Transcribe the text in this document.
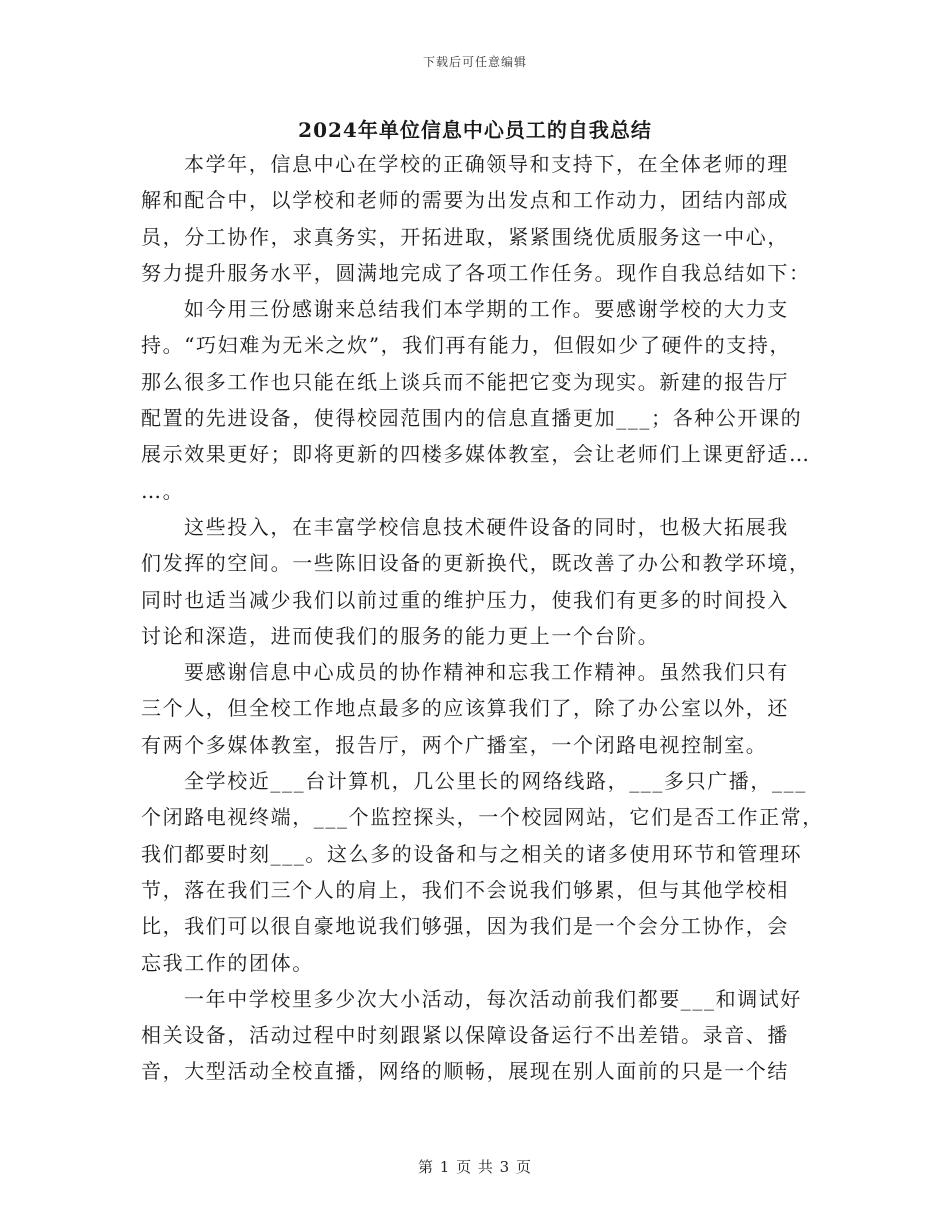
下载后可任意编辑
2024年单位信息中心员工的自我总结
本学年，信息中心在学校的正确领导和支持下，在全体老师的理
解和配合中，以学校和老师的需要为出发点和工作动力，团结内部成
员，分工协作，求真务实，开拓进取，紧紧围绕优质服务这一中心，
努力提升服务水平，圆满地完成了各项工作任务。现作自我总结如下：
如今用三份感谢来总结我们本学期的工作。要感谢学校的大力支
持。“巧妇难为无米之炊”，我们再有能力，但假如少了硬件的支持，
那么很多工作也只能在纸上谈兵而不能把它变为现实。新建的报告厅
配置的先进设备，使得校园范围内的信息直播更加___；各种公开课的
展示效果更好；即将更新的四楼多媒体教室，会让老师们上课更舒适…
…。
这些投入，在丰富学校信息技术硬件设备的同时，也极大拓展我
们发挥的空间。一些陈旧设备的更新换代，既改善了办公和教学环境，
同时也适当减少我们以前过重的维护压力，使我们有更多的时间投入
讨论和深造，进而使我们的服务的能力更上一个台阶。
要感谢信息中心成员的协作精神和忘我工作精神。虽然我们只有
三个人，但全校工作地点最多的应该算我们了，除了办公室以外，还
有两个多媒体教室，报告厅，两个广播室，一个闭路电视控制室。
全学校近___台计算机，几公里长的网络线路，___多只广播，___
个闭路电视终端，___个监控探头，一个校园网站，它们是否工作正常，
我们都要时刻___。这么多的设备和与之相关的诸多使用环节和管理环
节，落在我们三个人的肩上，我们不会说我们够累，但与其他学校相
比，我们可以很自豪地说我们够强，因为我们是一个会分工协作，会
忘我工作的团体。
一年中学校里多少次大小活动，每次活动前我们都要___和调试好
相关设备，活动过程中时刻跟紧以保障设备运行不出差错。录音、播
音，大型活动全校直播，网络的顺畅，展现在别人面前的只是一个结
第 1 页 共 3 页
